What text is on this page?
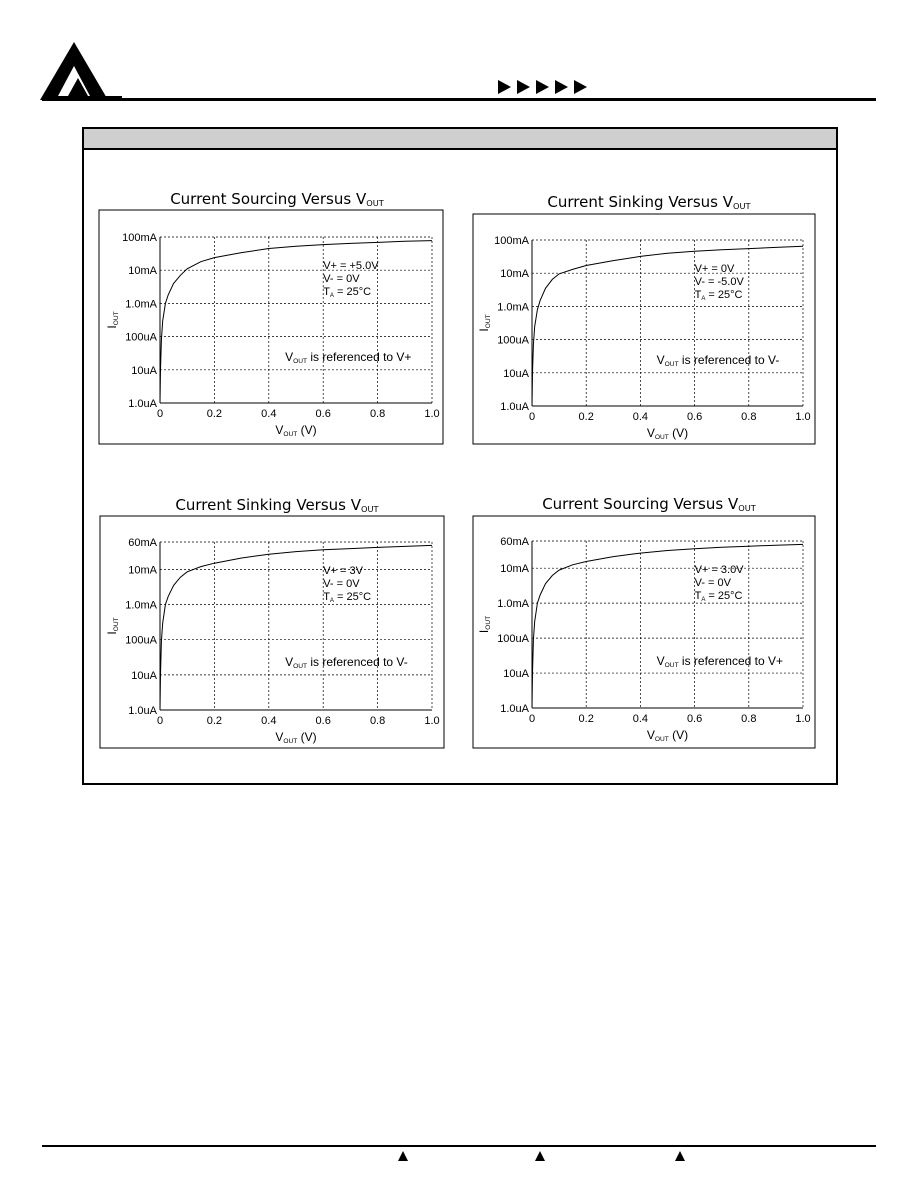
Current Sourcing Versus VOUT
0	0.2	0.4	0.6	0.8	1.0
1.0uA
10uA
100uA
1.0mA
10mA
100mA
VOUT (V)
IOUT
V+ = +5.0V
V- = 0V
TA = 25°C
VOUT is referenced to V+
Current Sinking Versus VOUT
0	0.2	0.4	0.6	0.8	1.0
1.0uA
10uA
100uA
1.0mA
10mA
100mA
VOUT (V)
IOUT
V+ = 0V
V- = -5.0V
TA = 25°C
VOUT is referenced to V-
Current Sinking Versus VOUT
0	0.2	0.4	0.6	0.8	1.0
1.0uA
10uA
100uA
1.0mA
10mA
60mA
VOUT (V)
IOUT
V+ = 3V
V- = 0V
TA = 25°C
VOUT is referenced to V-
Current Sourcing Versus VOUT
0	0.2	0.4	0.6	0.8	1.0
1.0uA
10uA
100uA
1.0mA
10mA
60mA
VOUT (V)
IOUT
V+ = 3.0V
V- = 0V
TA = 25°C
VOUT is referenced to V+
